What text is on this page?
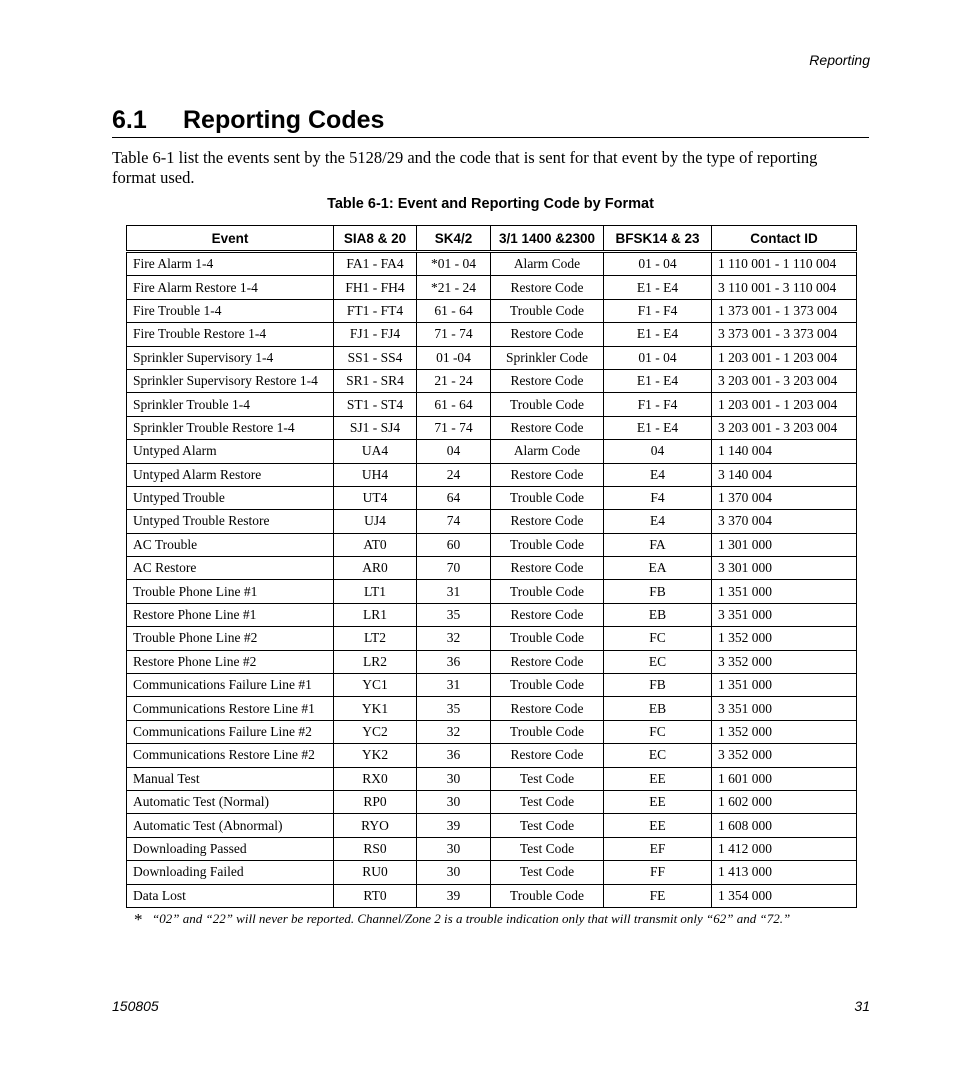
Reporting
6.1 Reporting Codes

Table 6-1 list the events sent by the 5128/29 and the code that is sent for that event by the type of reporting format used.

Table 6-1: Event and Reporting Code by Format
Event	SIA8 & 20	SK4/2	3/1 1400 &2300	BFSK14 & 23	Contact ID
Fire Alarm 1-4	FA1 - FA4	*01 - 04	Alarm Code	01 - 04	1 110 001 - 1 110 004
Fire Alarm Restore 1-4	FH1 - FH4	*21 - 24	Restore Code	E1 - E4	3 110 001 - 3 110 004
Fire Trouble 1-4	FT1 - FT4	61 - 64	Trouble Code	F1 - F4	1 373 001 - 1 373 004
Fire Trouble Restore 1-4	FJ1 - FJ4	71 - 74	Restore Code	E1 - E4	3 373 001 - 3 373 004
Sprinkler Supervisory 1-4	SS1 - SS4	01 -04	Sprinkler Code	01 - 04	1 203 001 - 1 203 004
Sprinkler Supervisory Restore 1-4	SR1 - SR4	21 - 24	Restore Code	E1 - E4	3 203 001 - 3 203 004
Sprinkler Trouble 1-4	ST1 - ST4	61 - 64	Trouble Code	F1 - F4	1 203 001 - 1 203 004
Sprinkler Trouble Restore 1-4	SJ1 - SJ4	71 - 74	Restore Code	E1 - E4	3 203 001 - 3 203 004
Untyped Alarm	UA4	04	Alarm Code	04	1 140 004
Untyped Alarm Restore	UH4	24	Restore Code	E4	3 140 004
Untyped Trouble	UT4	64	Trouble Code	F4	1 370 004
Untyped Trouble Restore	UJ4	74	Restore Code	E4	3 370 004
AC Trouble	AT0	60	Trouble Code	FA	1 301 000
AC Restore	AR0	70	Restore Code	EA	3 301 000
Trouble Phone Line #1	LT1	31	Trouble Code	FB	1 351 000
Restore Phone Line #1	LR1	35	Restore Code	EB	3 351 000
Trouble Phone Line #2	LT2	32	Trouble Code	FC	1 352 000
Restore Phone Line #2	LR2	36	Restore Code	EC	3 352 000
Communications Failure Line #1	YC1	31	Trouble Code	FB	1 351 000
Communications Restore Line #1	YK1	35	Restore Code	EB	3 351 000
Communications Failure Line #2	YC2	32	Trouble Code	FC	1 352 000
Communications Restore Line #2	YK2	36	Restore Code	EC	3 352 000
Manual Test	RX0	30	Test Code	EE	1 601 000
Automatic Test (Normal)	RP0	30	Test Code	EE	1 602 000
Automatic Test (Abnormal)	RYO	39	Test Code	EE	1 608 000
Downloading Passed	RS0	30	Test Code	EF	1 412 000
Downloading Failed	RU0	30	Test Code	FF	1 413 000
Data Lost	RT0	39	Trouble Code	FE	1 354 000
* “02” and “22” will never be reported. Channel/Zone 2 is a trouble indication only that will transmit only “62” and “72.”
150805	31
